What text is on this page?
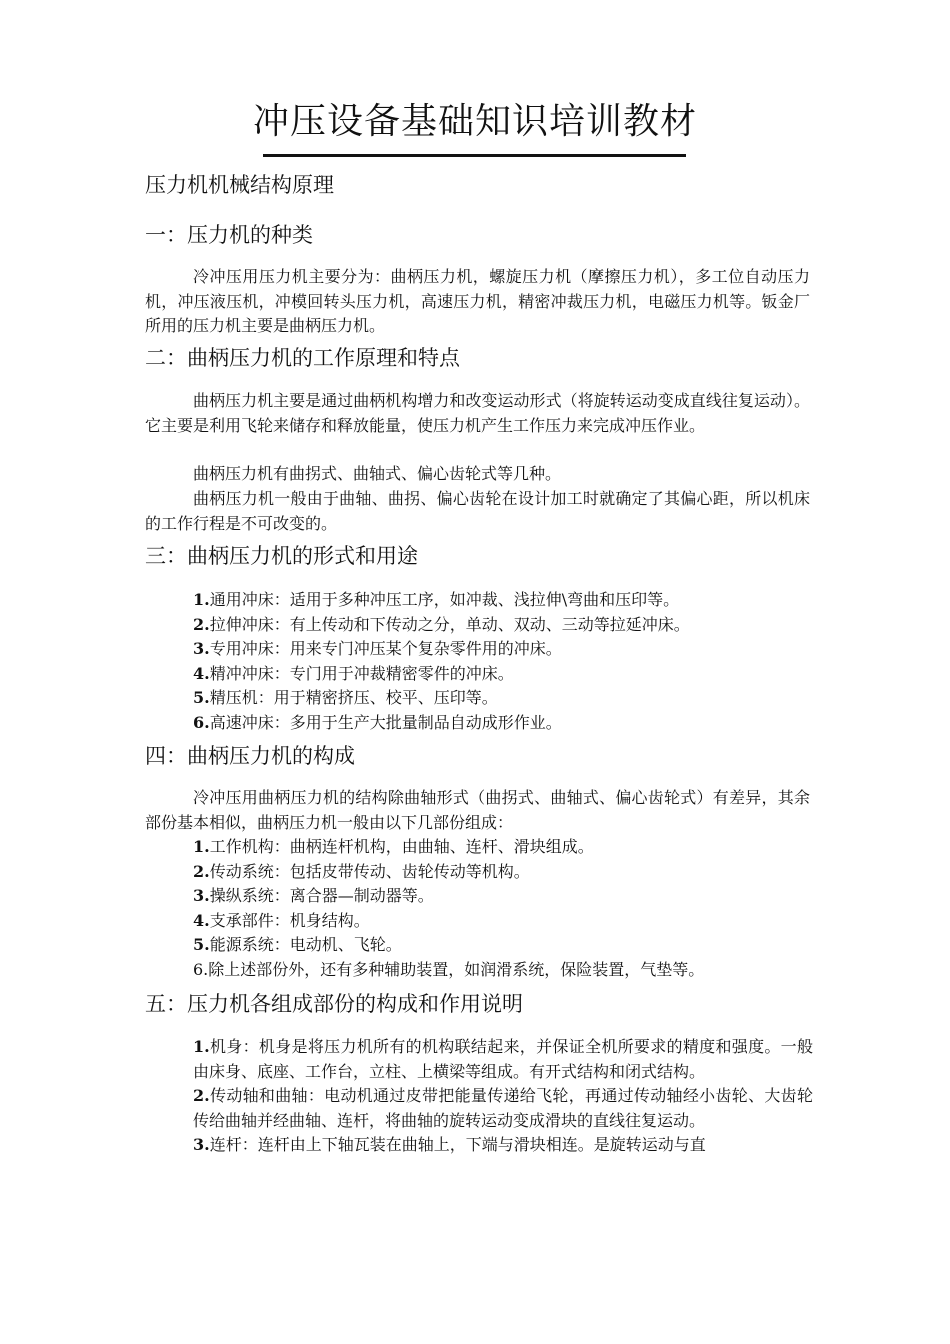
冲压设备基础知识培训教材
压力机机械结构原理
一：压力机的种类
冷冲压用压力机主要分为：曲柄压力机，螺旋压力机（摩擦压力机），多工位自动压力机，冲压液压机，冲模回转头压力机，高速压力机，精密冲裁压力机，电磁压力机等。钣金厂所用的压力机主要是曲柄压力机。
二：曲柄压力机的工作原理和特点
曲柄压力机主要是通过曲柄机构增力和改变运动形式（将旋转运动变成直线往复运动）。它主要是利用飞轮来储存和释放能量，使压力机产生工作压力来完成冲压作业。
曲柄压力机有曲拐式、曲轴式、偏心齿轮式等几种。
曲柄压力机一般由于曲轴、曲拐、偏心齿轮在设计加工时就确定了其偏心距，所以机床的工作行程是不可改变的。
三：曲柄压力机的形式和用途
1.通用冲床：适用于多种冲压工序，如冲裁、浅拉伸\弯曲和压印等。
2.拉伸冲床：有上传动和下传动之分，单动、双动、三动等拉延冲床。
3.专用冲床：用来专门冲压某个复杂零件用的冲床。
4.精冲冲床：专门用于冲裁精密零件的冲床。
5.精压机：用于精密挤压、校平、压印等。
6.高速冲床：多用于生产大批量制品自动成形作业。
四：曲柄压力机的构成
冷冲压用曲柄压力机的结构除曲轴形式（曲拐式、曲轴式、偏心齿轮式）有差异，其余部份基本相似，曲柄压力机一般由以下几部份组成：
1.工作机构：曲柄连杆机构，由曲轴、连杆、滑块组成。
2.传动系统：包括皮带传动、齿轮传动等机构。
3.操纵系统：离合器—制动器等。
4.支承部件：机身结构。
5.能源系统：电动机、飞轮。
6.除上述部份外，还有多种辅助装置，如润滑系统，保险装置，气垫等。
五：压力机各组成部份的构成和作用说明
1.机身：机身是将压力机所有的机构联结起来，并保证全机所要求的精度和强度。一般由床身、底座、工作台，立柱、上横梁等组成。有开式结构和闭式结构。
2.传动轴和曲轴：电动机通过皮带把能量传递给飞轮，再通过传动轴经小齿轮、大齿轮传给曲轴并经曲轴、连杆，将曲轴的旋转运动变成滑块的直线往复运动。
3.连杆：连杆由上下轴瓦装在曲轴上，下端与滑块相连。是旋转运动与直
